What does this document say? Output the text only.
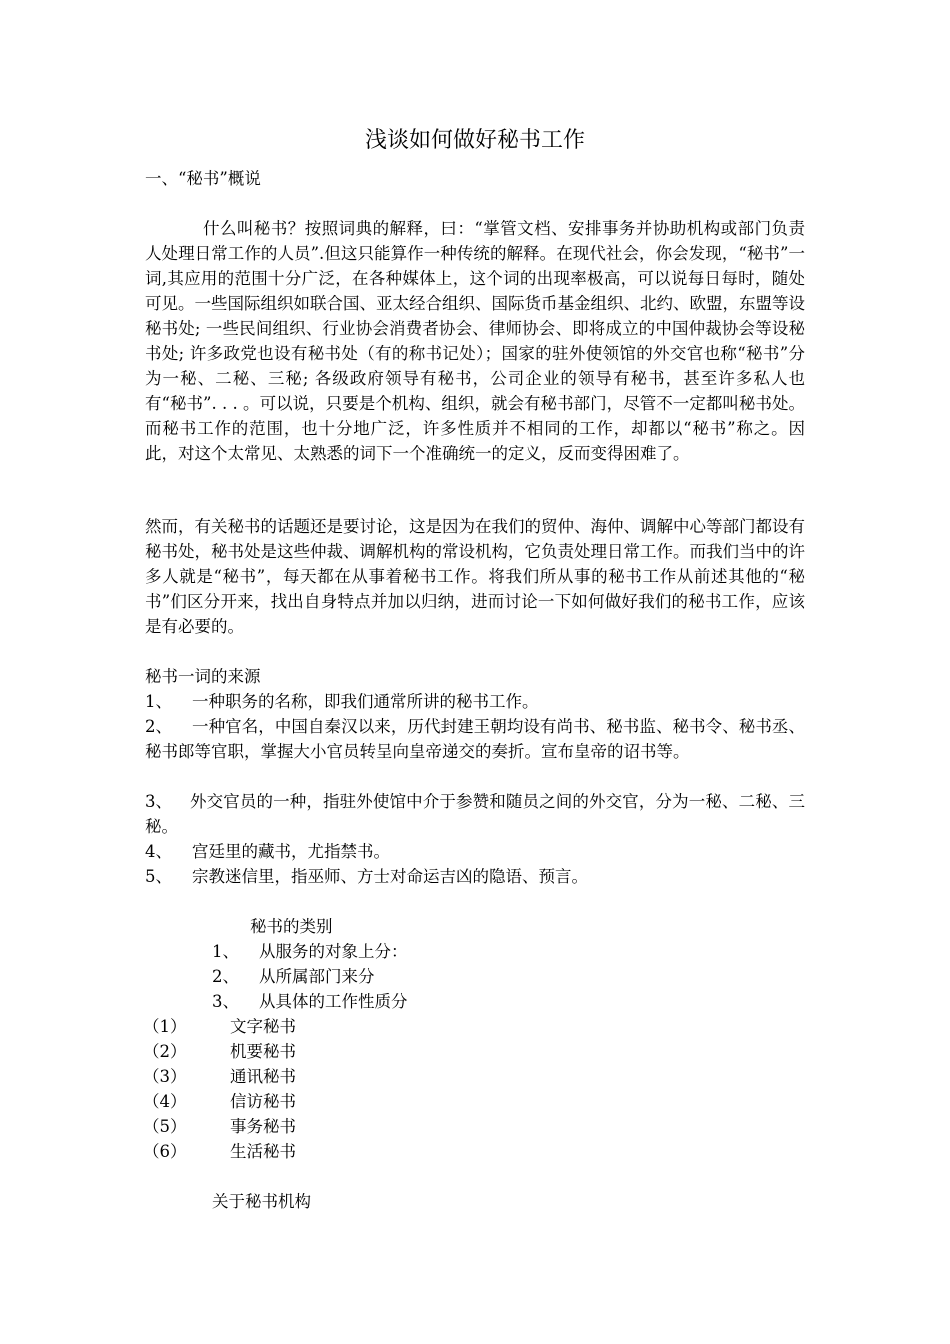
浅谈如何做好秘书工作
一、“秘书”概说

什么叫秘书？按照词典的解释，曰：“掌管文档、安排事务并协助机构或部门负责人处理日常工作的人员”.但这只能算作一种传统的解释。在现代社会，你会发现，“秘书”一词,其应用的范围十分广泛，在各种媒体上，这个词的出现率极高，可以说每日每时，随处可见。一些国际组织如联合国、亚太经合组织、国际货币基金组织、北约、欧盟，东盟等设秘书处; 一些民间组织、行业协会消费者协会、律师协会、即将成立的中国仲裁协会等设秘书处; 许多政党也设有秘书处（有的称书记处）；国家的驻外使领馆的外交官也称“秘书”分为一秘、二秘、三秘; 各级政府领导有秘书，公司企业的领导有秘书，甚至许多私人也有“秘书”. . . 。可以说，只要是个机构、组织，就会有秘书部门，尽管不一定都叫秘书处。而秘书工作的范围，也十分地广泛，许多性质并不相同的工作，却都以“秘书”称之。因此，对这个太常见、太熟悉的词下一个准确统一的定义，反而变得困难了。

然而，有关秘书的话题还是要讨论，这是因为在我们的贸仲、海仲、调解中心等部门都设有秘书处，秘书处是这些仲裁、调解机构的常设机构，它负责处理日常工作。而我们当中的许多人就是“秘书”，每天都在从事着秘书工作。将我们所从事的秘书工作从前述其他的“秘书”们区分开来，找出自身特点并加以归纳，进而讨论一下如何做好我们的秘书工作，应该是有必要的。

秘书一词的来源
1、 一种职务的名称，即我们通常所讲的秘书工作。
2、	一种官名，中国自秦汉以来，历代封建王朝均设有尚书、秘书监、秘书令、秘书丞、秘书郎等官职，掌握大小官员转呈向皇帝递交的奏折。宣布皇帝的诏书等。

3、	外交官员的一种，指驻外使馆中介于参赞和随员之间的外交官，分为一秘、二秘、三秘。

4、 宫廷里的藏书，尤指禁书。
5、 宗教迷信里，指巫师、方士对命运吉凶的隐语、预言。
秘书的类别
1、 从服务的对象上分：
2、 从所属部门来分
3、 从具体的工作性质分
（1）	文字秘书
（2）	机要秘书
（3）	通讯秘书
（4）	信访秘书
（5）	事务秘书
（6）	生活秘书
关于秘书机构
